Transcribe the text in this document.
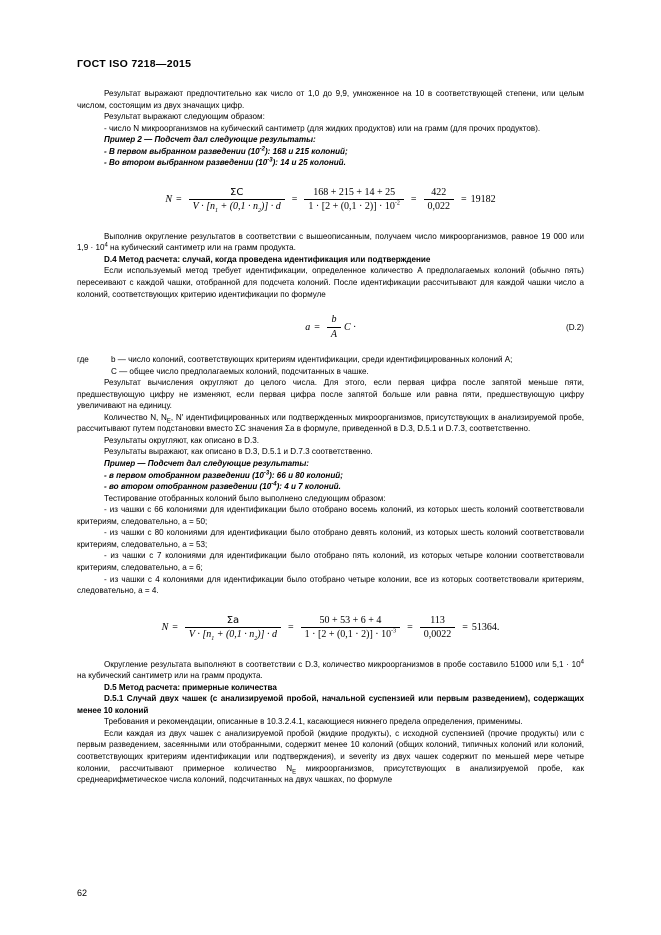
ГОСТ ISO 7218—2015

Результат выражают предпочтительно как число от 1,0 до 9,9, умноженное на 10 в соответствующей степени, или целым числом, состоящим из двух значащих цифр.

Результат выражают следующим образом:

- число N микроорганизмов на кубический сантиметр (для жидких продуктов) или на грамм (для прочих продуктов).

Пример 2 — Подсчет дал следующие результаты:

- В первом выбранном разведении $(10^{-2})$: 168 и 215 колоний;

- Во втором выбранном разведении $(10^{-3})$: 14 и 25 колоний.

$N = \frac{\Sigma C}{V \cdot [n_1 + (0,1 \cdot n_2)] \cdot d} = \frac{168 + 215 + 14 + 25}{1 \cdot [2 + (0,1 \cdot 2)] \cdot 10^{-2}} = \frac{422}{0,022} = 19182$

Выполнив округление результатов в соответствии с вышеописанным, получаем число микроорганизмов, равное 19 000 или $1,9 \cdot 10^4$ на кубический сантиметр или на грамм продукта.

D.4 Метод расчета: случай, когда проведена идентификация или подтверждение

Если используемый метод требует идентификации, определенное количество A предполагаемых колоний (обычно пять) пересеивают с каждой чашки, отобранной для подсчета колоний. После идентификации рассчитывают для каждой чашки число a колоний, соответствующих критерию идентификации по формуле

$a = \frac{b}{A}$ C ·	(D.2)
где	b — число колоний, соответствующих критериям идентификации, среди идентифицированных колоний A;
C — общее число предполагаемых колоний, подсчитанных в чашке.

Результат вычисления округляют до целого числа. Для этого, если первая цифра после запятой меньше пяти, предшествующую цифру не изменяют, если первая цифра после запятой больше или равна пяти, предшествующую цифру увеличивают на единицу.

Количество N, $N_E$, N′ идентифицированных или подтвержденных микроорганизмов, присутствующих в анализируемой пробе, рассчитывают путем подстановки вместо ΣC значения Σa в формуле, приведенной в D.3, D.5.1 и D.7.3, соответственно.

Результаты округляют, как описано в D.3.

Результаты выражают, как описано в D.3, D.5.1 и D.7.3 соответственно.

Пример — Подсчет дал следующие результаты:

- в первом отобранном разведении $(10^{-3})$: 66 и 80 колоний;

- во втором отобранном разведении $(10^{-4})$: 4 и 7 колоний.

Тестирование отобранных колоний было выполнено следующим образом:

- из чашки с 66 колониями для идентификации было отобрано восемь колоний, из которых шесть колоний соответствовали критериям, следовательно, a = 50;

- из чашки с 80 колониями для идентификации было отобрано девять колоний, из которых шесть колоний соответствовали критериям, следовательно, a = 53;

- из чашки с 7 колониями для идентификации было отобрано пять колоний, из которых четыре колонии соответствовали критериям, следовательно, a = 6;

- из чашки с 4 колониями для идентификации было отобрано четыре колонии, все из которых соответствовали критериям, следовательно, a = 4.

$N = \frac{\Sigma a}{V \cdot [n_1 + (0,1 \cdot n_2)] \cdot d} = \frac{50 + 53 + 6 + 4}{1 \cdot [2 + (0,1 \cdot 2)] \cdot 10^{-3}} = \frac{113}{0,0022} = 51364$.

Округление результата выполняют в соответствии с D.3, количество микроорганизмов в пробе составило 51000 или $5,1 \cdot 10^4$ на кубический сантиметр или на грамм продукта.

D.5 Метод расчета: примерные количества

D.5.1 Случай двух чашек (с анализируемой пробой, начальной суспензией или первым разведением), содержащих менее 10 колоний

Требования и рекомендации, описанные в 10.3.2.4.1, касающиеся нижнего предела определения, применимы.

Если каждая из двух чашек с анализируемой пробой (жидкие продукты), с исходной суспензией (прочие продукты) или с первым разведением, засеянными или отобранными, содержит менее 10 колоний (общих колоний, типичных колоний или колоний, соответствующих критериям идентификации или подтверждения), и severity из двух чашек содержит по меньшей мере четыре колонии, рассчитывают примерное количество $N_E$ микроорганизмов, присутствующих в анализируемой пробе, как среднеарифметическое числа колоний, подсчитанных на двух чашках, по формуле

62
